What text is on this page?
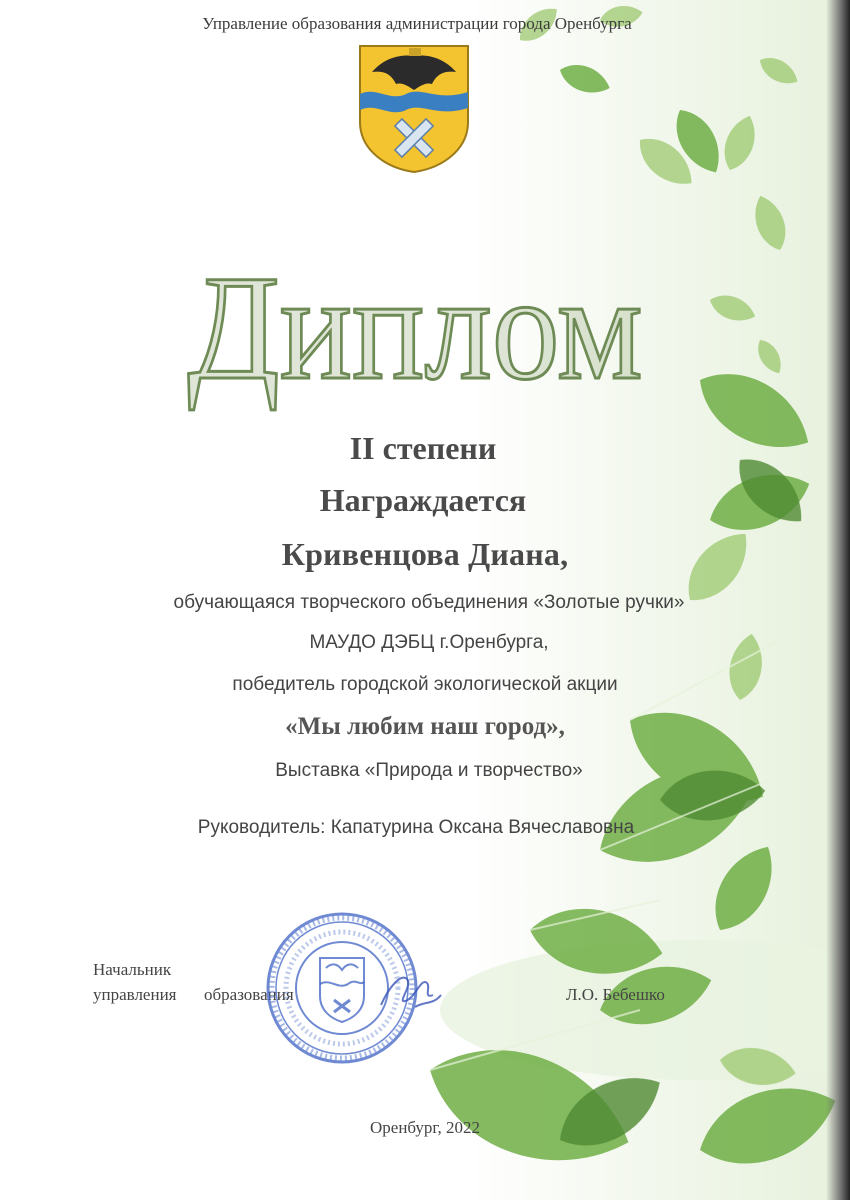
Управление образования администрации города Оренбурга
Диплом
II степени
Награждается
Кривенцова Диана,
обучающаяся творческого объединения «Золотые ручки»
МАУДО ДЭБЦ г.Оренбурга,
победитель городской экологической акции
«Мы любим наш город»,
Выставка «Природа и творчество»
Руководитель: Капатурина Оксана Вячеславовна
Начальник
управления образования	Л.О. Бебешко
Оренбург, 2022
